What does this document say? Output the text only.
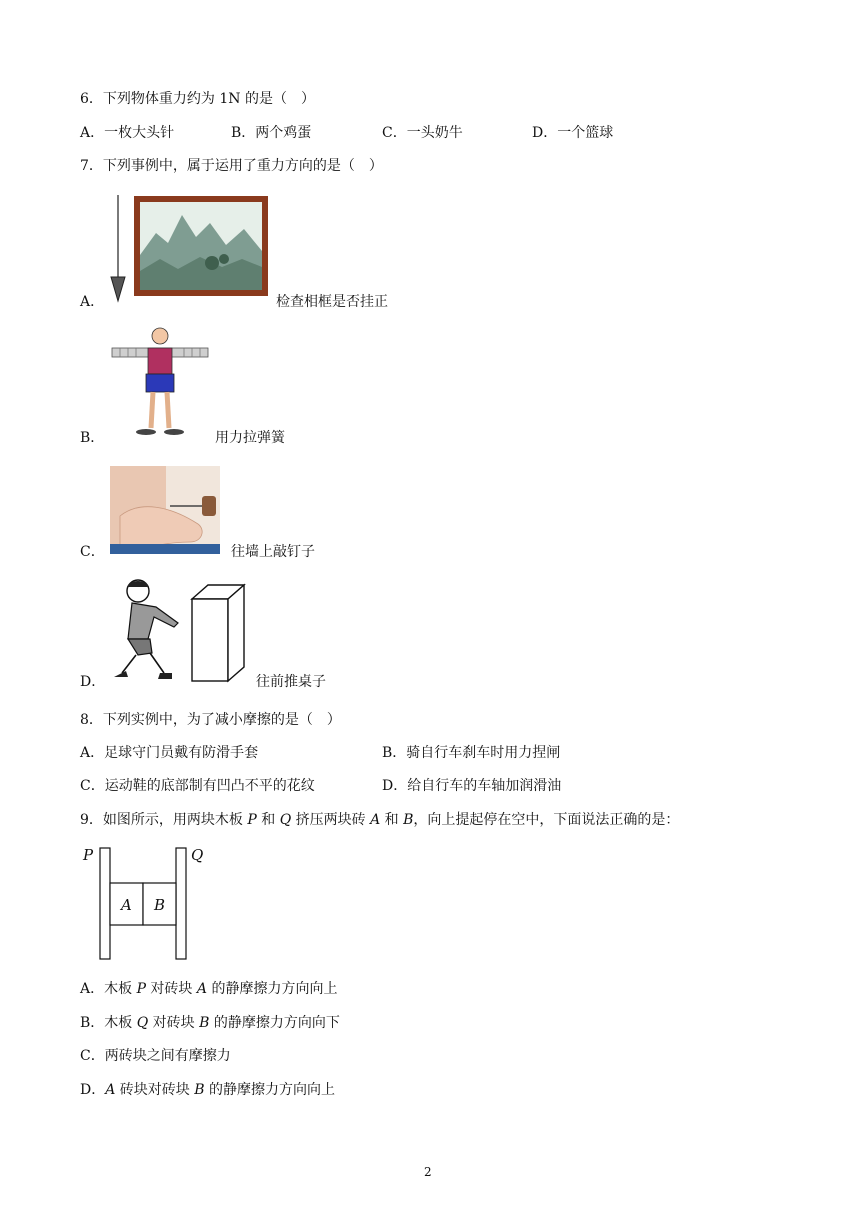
6．下列物体重力约为 1N 的是（　）
A．一枚大头针	B．两个鸡蛋	C．一头奶牛	D．一个篮球
7．下列事例中，属于运用了重力方向的是（　）
A．	检查相框是否挂正
B．	用力拉弹簧
C．	往墙上敲钉子
D．	往前推桌子
8．下列实例中，为了减小摩擦的是（　）
A．足球守门员戴有防滑手套	B．骑自行车刹车时用力捏闸
C．运动鞋的底部制有凹凸不平的花纹	D．给自行车的车轴加润滑油
9．如图所示，用两块木板 P 和 Q 挤压两块砖 A 和 B，向上提起停在空中，下面说法正确的是：
P	Q
A B
A．木板 P 对砖块 A 的静摩擦力方向向上
B．木板 Q 对砖块 B 的静摩擦力方向向下
C．两砖块之间有摩擦力
D．A 砖块对砖块 B 的静摩擦力方向向上
2
